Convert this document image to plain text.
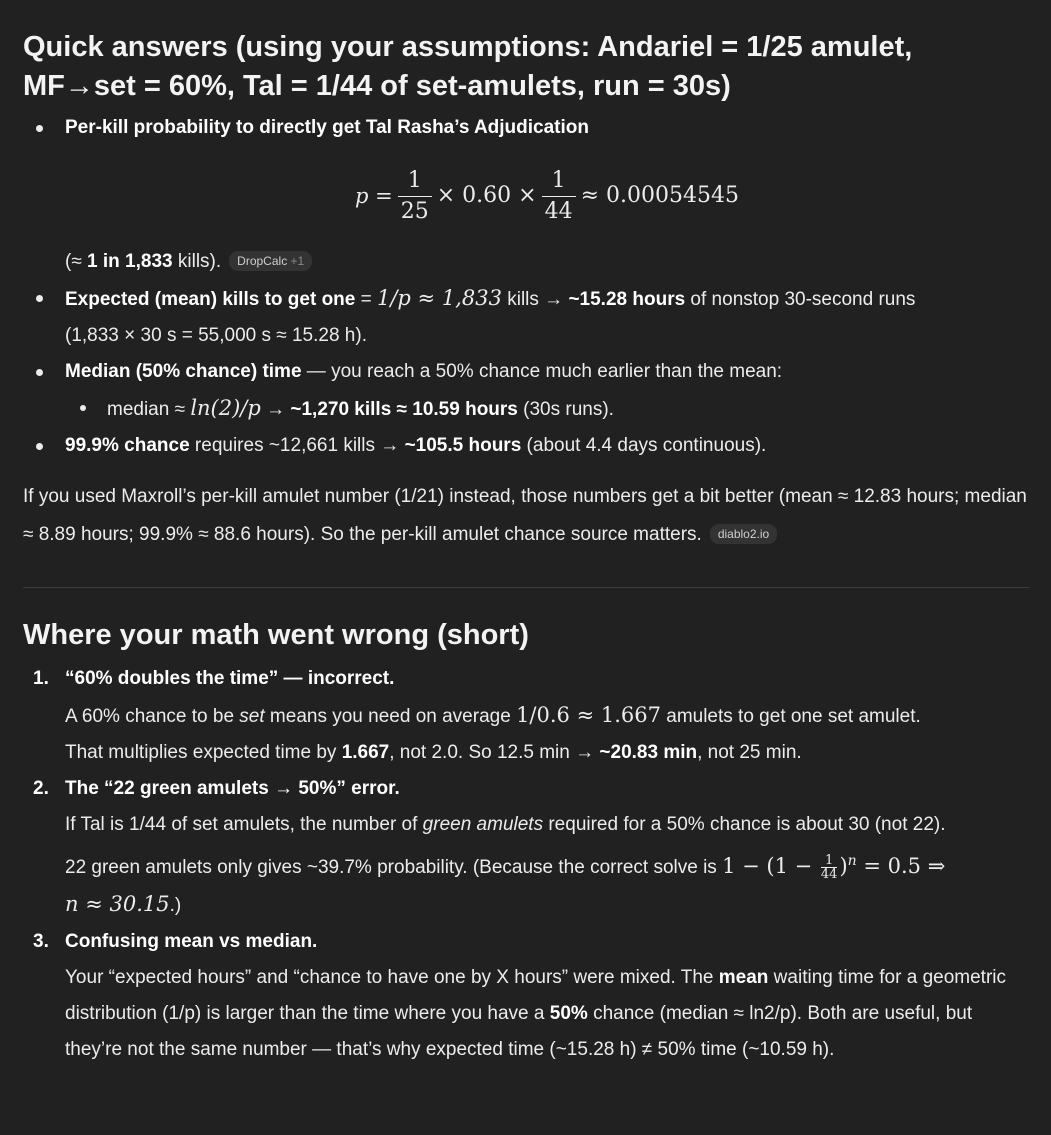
Quick answers (using your assumptions: Andariel = 1/25 amulet, MF→set = 60%, Tal = 1/44 of set-amulets, run = 30s)
Per-kill probability to directly get Tal Rasha’s Adjudication
$p = \frac{1}{25} \times 0.60 \times \frac{1}{44} \approx 0.00054545$
(≈ 1 in 1,833 kills). DropCalc +1
Expected (mean) kills to get one = 1/p ≈ 1,833 kills → ~15.28 hours of nonstop 30-second runs
(1,833 × 30 s = 55,000 s ≈ 15.28 h).
Median (50% chance) time — you reach a 50% chance much earlier than the mean:
median ≈ ln(2)/p → ~1,270 kills ≈ 10.59 hours (30s runs).
99.9% chance requires ~12,661 kills → ~105.5 hours (about 4.4 days continuous).

If you used Maxroll’s per-kill amulet number (1/21) instead, those numbers get a bit better (mean ≈ 12.83 hours; median ≈ 8.89 hours; 99.9% ≈ 88.6 hours). So the per-kill amulet chance source matters. diablo2.io

Where your math went wrong (short)
1. “60% doubles the time” — incorrect.
A 60% chance to be set means you need on average 1/0.6 ≈ 1.667 amulets to get one set amulet.
That multiplies expected time by 1.667, not 2.0. So 12.5 min → ~20.83 min, not 25 min.
2. The “22 green amulets → 50%” error.
If Tal is 1/44 of set amulets, the number of green amulets required for a 50% chance is about 30 (not 22).
22 green amulets only gives ~39.7% probability. (Because the correct solve is $1 - (1 - \frac{1}{44} )^n = 0.5$ ⇒
n ≈ 30.15.)
3. Confusing mean vs median.
Your “expected hours” and “chance to have one by X hours” were mixed. The mean waiting time for a geometric distribution (1/p) is larger than the time where you have a 50% chance (median ≈ ln2/p). Both are useful, but they’re not the same number — that’s why expected time (~15.28 h) ≠ 50% time (~10.59 h).
